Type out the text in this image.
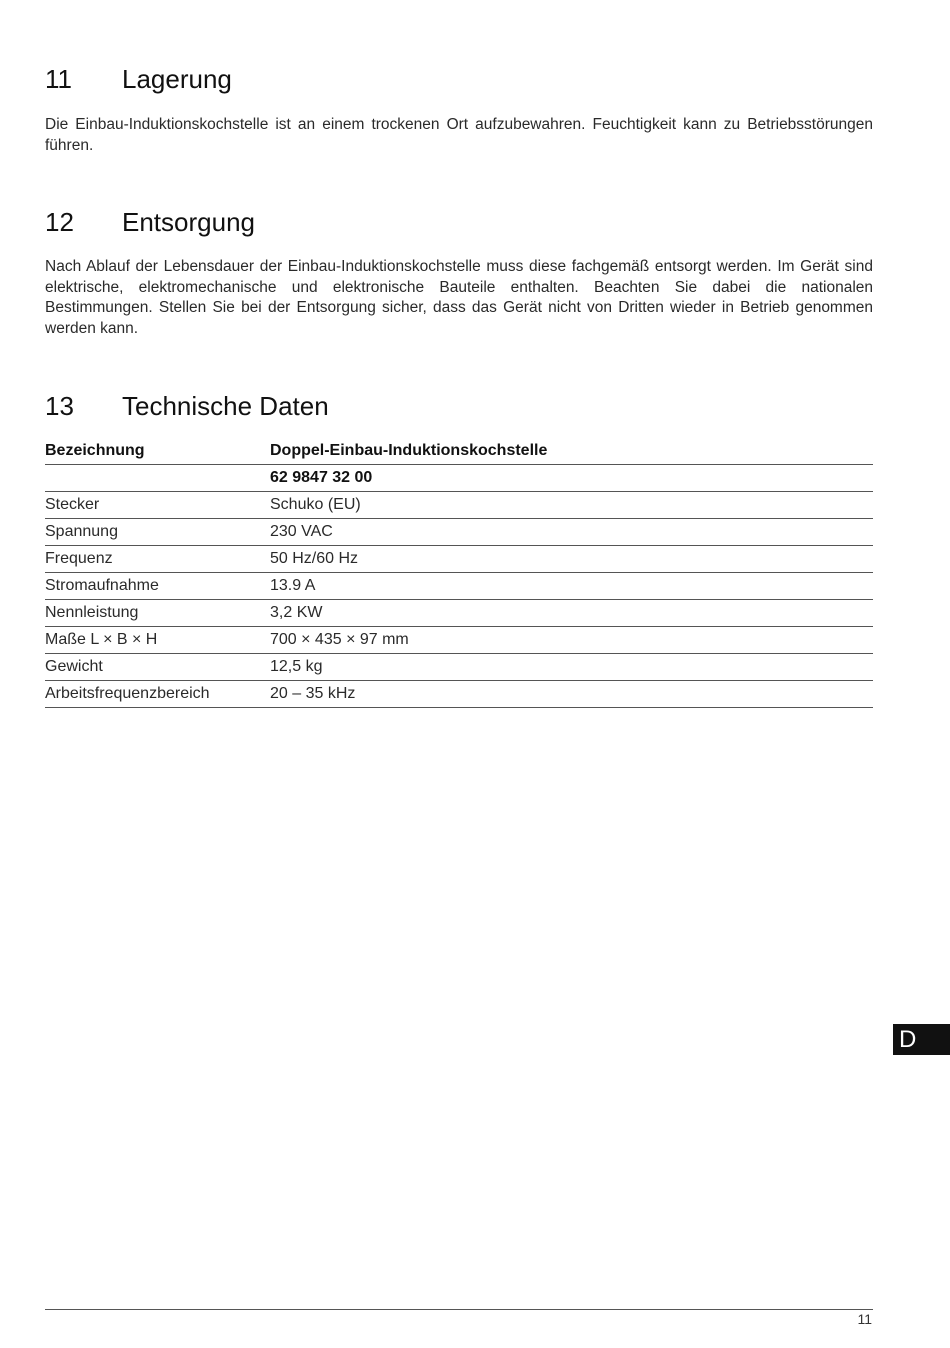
11 Lagerung

Die Einbau-Induktionskochstelle ist an einem trockenen Ort aufzubewahren. Feuchtigkeit kann zu Betriebsstörungen führen.

12 Entsorgung

Nach Ablauf der Lebensdauer der Einbau-Induktionskochstelle muss diese fachgemäß entsorgt werden. Im Gerät sind elektrische, elektromechanische und elektronische Bauteile enthalten. Beachten Sie dabei die nationalen Bestimmungen. Stellen Sie bei der Entsorgung sicher, dass das Gerät nicht von Dritten wieder in Betrieb genommen werden kann.

13 Technische Daten
Bezeichnung	Doppel-Einbau-Induktionskochstelle
	62 9847 32 00
Stecker	Schuko (EU)
Spannung	230 VAC
Frequenz	50 Hz/60 Hz
Stromaufnahme	13.9 A
Nennleistung	3,2 KW
Maße L × B × H	700 × 435 × 97 mm
Gewicht	12,5 kg
Arbeitsfrequenzbereich	20 – 35 kHz
D
11
